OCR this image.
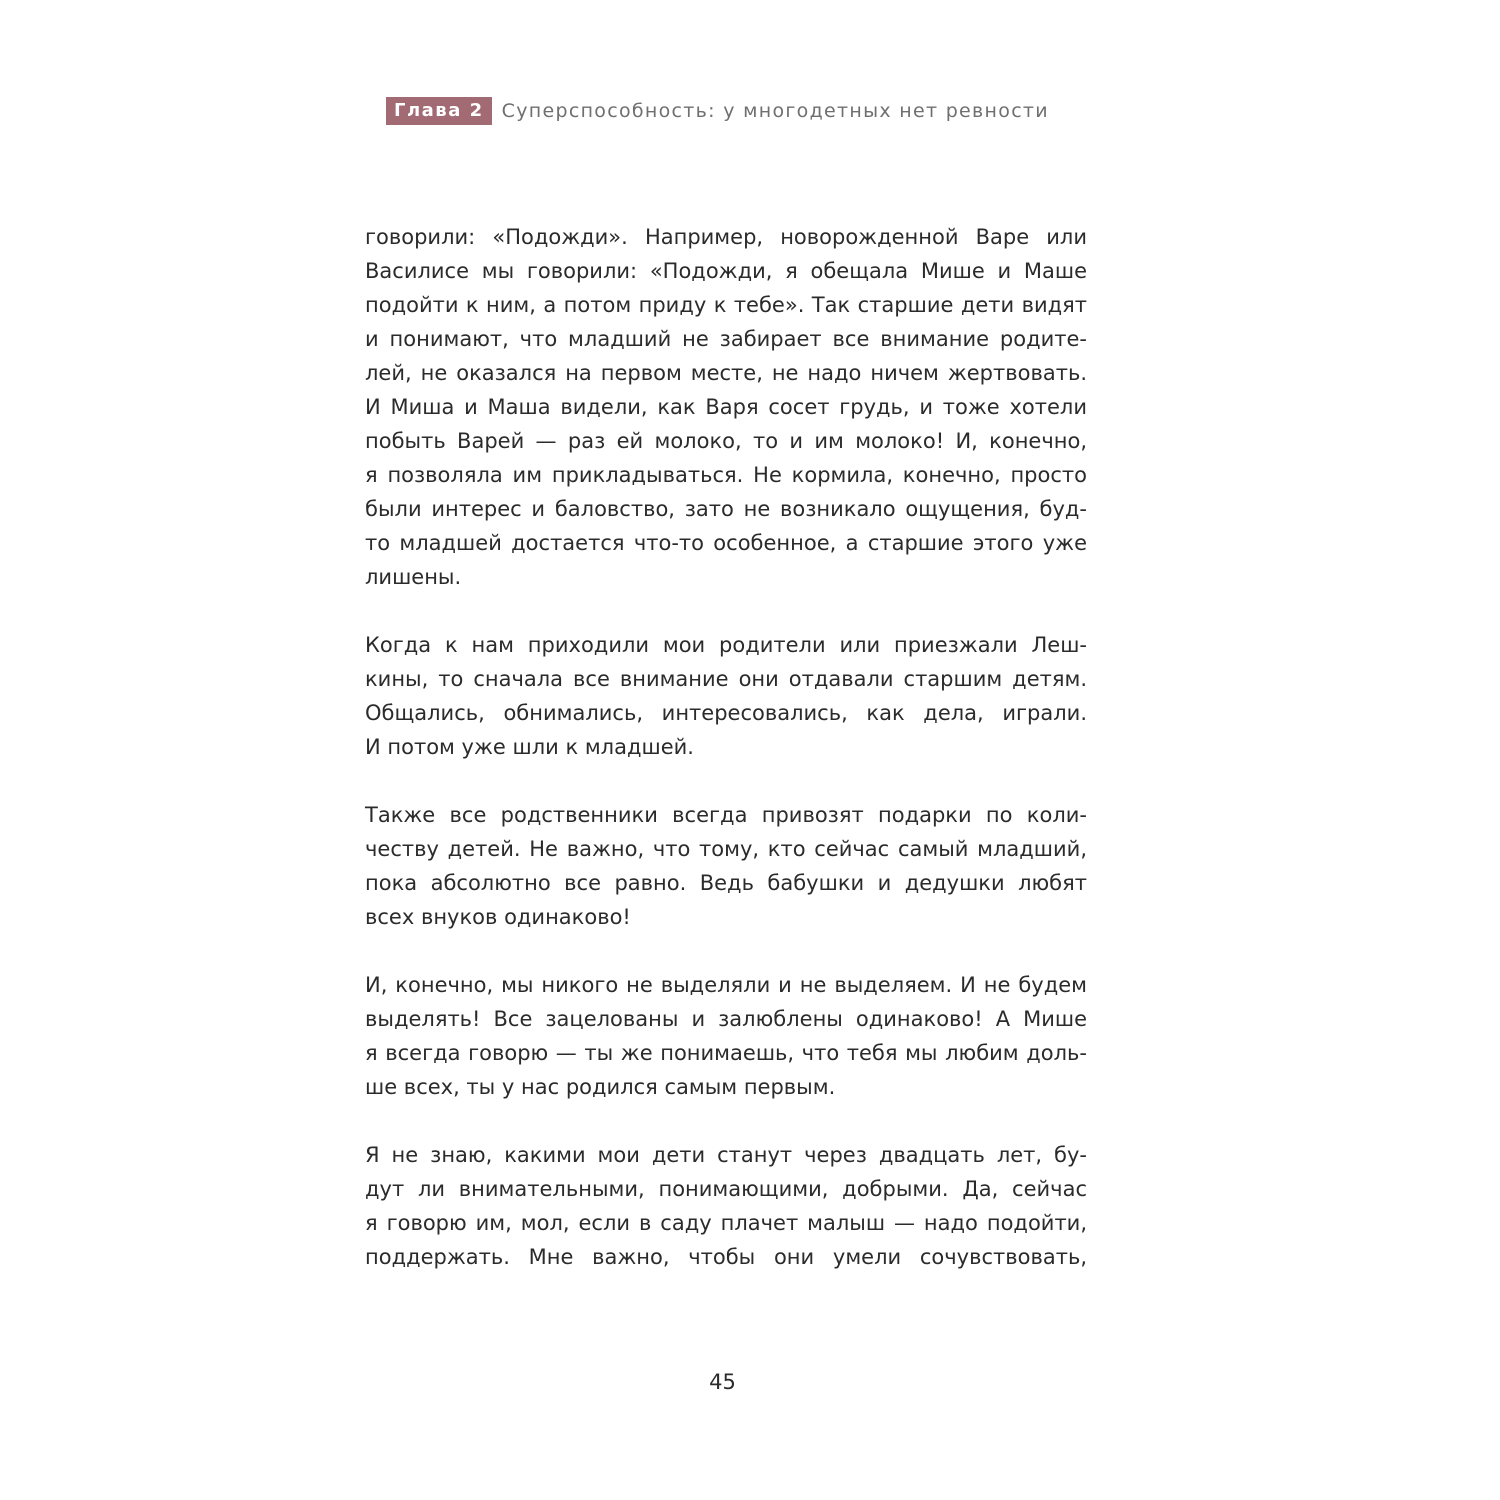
Глава 2 Суперспособность: у многодетных нет ревности
говорили: «Подожди». Например, новорожденной Варе или
Василисе мы говорили: «Подожди, я обещала Мише и Маше
подойти к ним, а потом приду к тебе». Так старшие дети видят
и понимают, что младший не забирает все внимание родите-
лей, не оказался на первом месте, не надо ничем жертвовать.
И Миша и Маша видели, как Варя сосет грудь, и тоже хотели
побыть Варей — раз ей молоко, то и им молоко! И, конечно,
я позволяла им прикладываться. Не кормила, конечно, просто
были интерес и баловство, зато не возникало ощущения, буд-
то младшей достается что-то особенное, а старшие этого уже
лишены.
Когда к нам приходили мои родители или приезжали Леш-
кины, то сначала все внимание они отдавали старшим детям.
Общались, обнимались, интересовались, как дела, играли.
И потом уже шли к младшей.
Также все родственники всегда привозят подарки по коли-
честву детей. Не важно, что тому, кто сейчас самый младший,
пока абсолютно все равно. Ведь бабушки и дедушки любят
всех внуков одинаково!
И, конечно, мы никого не выделяли и не выделяем. И не будем
выделять! Все зацелованы и залюблены одинаково! А Мише
я всегда говорю — ты же понимаешь, что тебя мы любим доль-
ше всех, ты у нас родился самым первым.
Я не знаю, какими мои дети станут через двадцать лет, бу-
дут ли внимательными, понимающими, добрыми. Да, сейчас
я говорю им, мол, если в саду плачет малыш — надо подойти,
поддержать. Мне важно, чтобы они умели сочувствовать,
45
